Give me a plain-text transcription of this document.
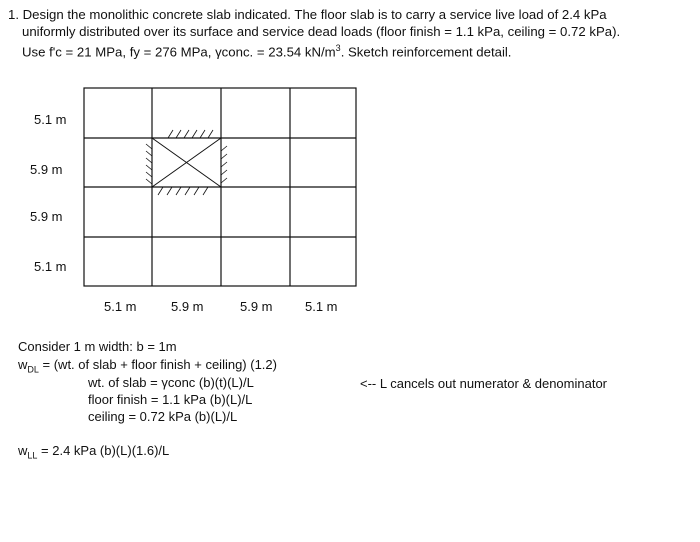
1. Design the monolithic concrete slab indicated. The floor slab is to carry a service live load of 2.4 kPa
uniformly distributed over its surface and service dead loads (floor finish = 1.1 kPa, ceiling = 0.72 kPa).
Use f'c = 21 MPa, fy = 276 MPa, γconc. = 23.54 $kN/m^3$. Sketch reinforcement detail.
5.1 m
5.9 m
5.9 m
5.1 m
5.1 m	5.9 m	5.9 m 5.1 m
Consider 1 m width: b = 1m
$w_{DL} = (wt$. of slab + floor finish + ceiling) (1.2)
wt. of slab = γconc (b)(t)(L)/L
floor finish = 1.1 kPa (b)(L)/L
ceiling = 0.72 kPa (b)(L)/L
<-- L cancels out numerator & denominator
$w_{LL} = 2.4$ kPa (b)(L)(1.6)/L
